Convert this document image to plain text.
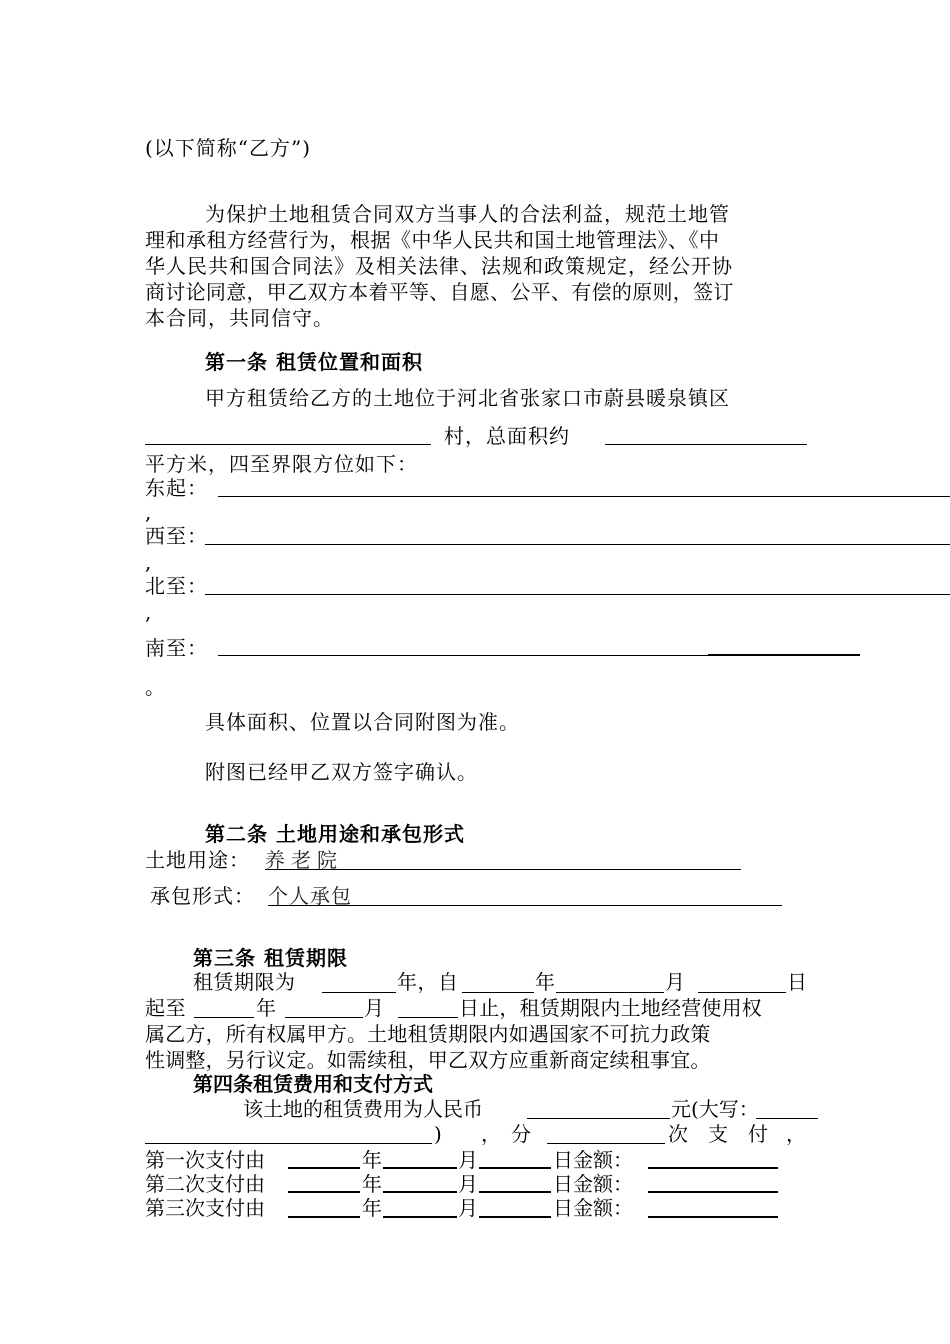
(以下简称“乙方”)
为保护土地租赁合同双方当事人的合法利益，规范土地管
理和承租方经营行为，根据《中华人民共和国土地管理法》、《中
华人民共和国合同法》及相关法律、法规和政策规定，经公开协
商讨论同意，甲乙双方本着平等、自愿、公平、有偿的原则，签订
本合同，共同信守。
第一条 租赁位置和面积
甲方租赁给乙方的土地位于河北省张家口市蔚县暖泉镇区
村，总面积约
平方米，四至界限方位如下：
东起：
,
西至：
,
北至：
,
南至：
。
具体面积、位置以合同附图为准。
附图已经甲乙双方签字确认。
第二条 土地用途和承包形式
土地用途： 养老院
承包形式： 个人承包
第三条 租赁期限
租赁期限为	年，自	年	月	日
起至	年	月	日止，租赁期限内土地经营使用权
属乙方，所有权属甲方。土地租赁期限内如遇国家不可抗力政策
性调整，另行议定。如需续租，甲乙双方应重新商定续租事宜。
第四条租赁费用和支付方式
该土地的租赁费用为人民币	元(大写：
) ， 分	次 支 付 ，
第一次支付由	年	月	日金额：
第二次支付由	年	月	日金额：
第三次支付由	年	月	日金额：
